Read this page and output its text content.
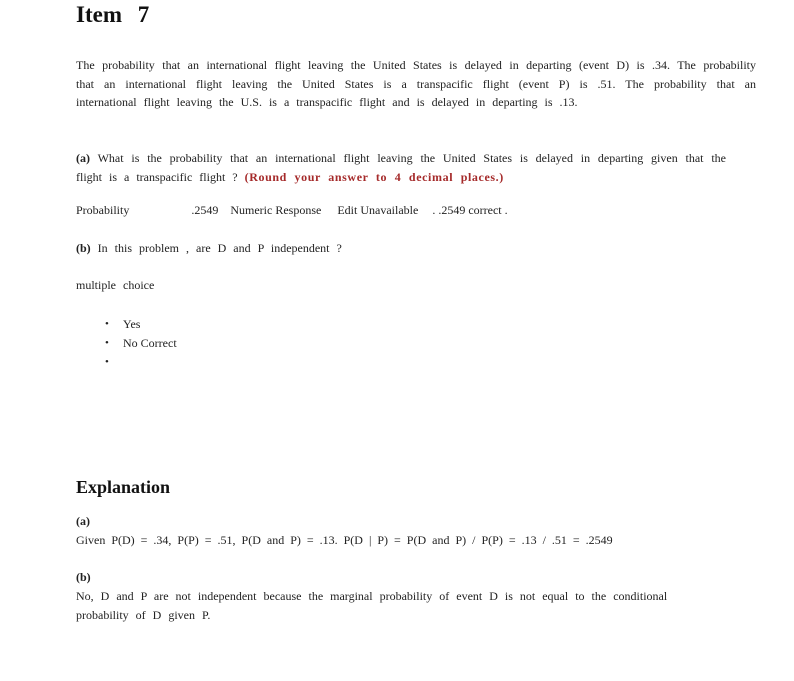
Item 7
The probability that an international flight leaving the United States is delayed in departing (event D) is .34. The probability that an international flight leaving the United States is a transpacific flight (event P) is .51. The probability that an international flight leaving the U.S. is a transpacific flight and is delayed in departing is .13.
(a) What is the probability that an international flight leaving the United States is delayed in departing given that the flight is a transpacific flight ? (Round your answer to 4 decimal places.)
Probability	.2549 Numeric Response Edit Unavailable . .2549 correct .
(b) In this problem , are D and P independent ?
multiple choice
• Yes
• No Correct
•
Explanation
(a)
Given P(D) = .34, P(P) = .51, P(D and P) = .13. P(D | P) = P(D and P) / P(P) = .13 / .51 = .2549
(b)
No, D and P are not independent because the marginal probability of event D is not equal to the conditional probability of D given P.
